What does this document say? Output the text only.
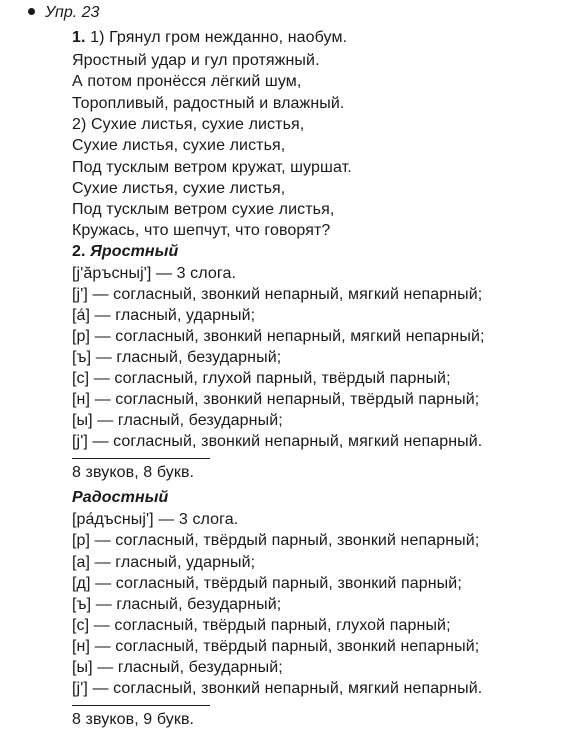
Упр. 23
1. 1) Грянул гром нежданно, наобум.
Яростный удар и гул протяжный.
А потом пронёсся лёгкий шум,
Торопливый, радостный и влажный.
2) Сухие листья, сухие листья,
Сухие листья, сухие листья,
Под тусклым ветром кружат, шуршат.
Сухие листья, сухие листья,
Под тусклым ветром сухие листья,
Кружась, что шепчут, что говорят?
2. Яростный
[j'ăръсныj'] — 3 слога.
[j'] — согласный, звонкий непарный, мягкий непарный;
[á] — гласный, ударный;
[р] — согласный, звонкий непарный, мягкий непарный;
[ъ] — гласный, безударный;
[с] — согласный, глухой парный, твёрдый парный;
[н] — согласный, звонкий непарный, твёрдый парный;
[ы] — гласный, безударный;
[j'] — согласный, звонкий непарный, мягкий непарный.
8 звуков, 8 букв.
Радостный
[ра́дъсныj'] — 3 слога.
[р] — согласный, твёрдый парный, звонкий непарный;
[а] — гласный, ударный;
[д] — согласный, твёрдый парный, звонкий парный;
[ъ] — гласный, безударный;
[с] — согласный, твёрдый парный, глухой парный;
[н] — согласный, твёрдый парный, звонкий непарный;
[ы] — гласный, безударный;
[j'] — согласный, звонкий непарный, мягкий непарный.
8 звуков, 9 букв.
